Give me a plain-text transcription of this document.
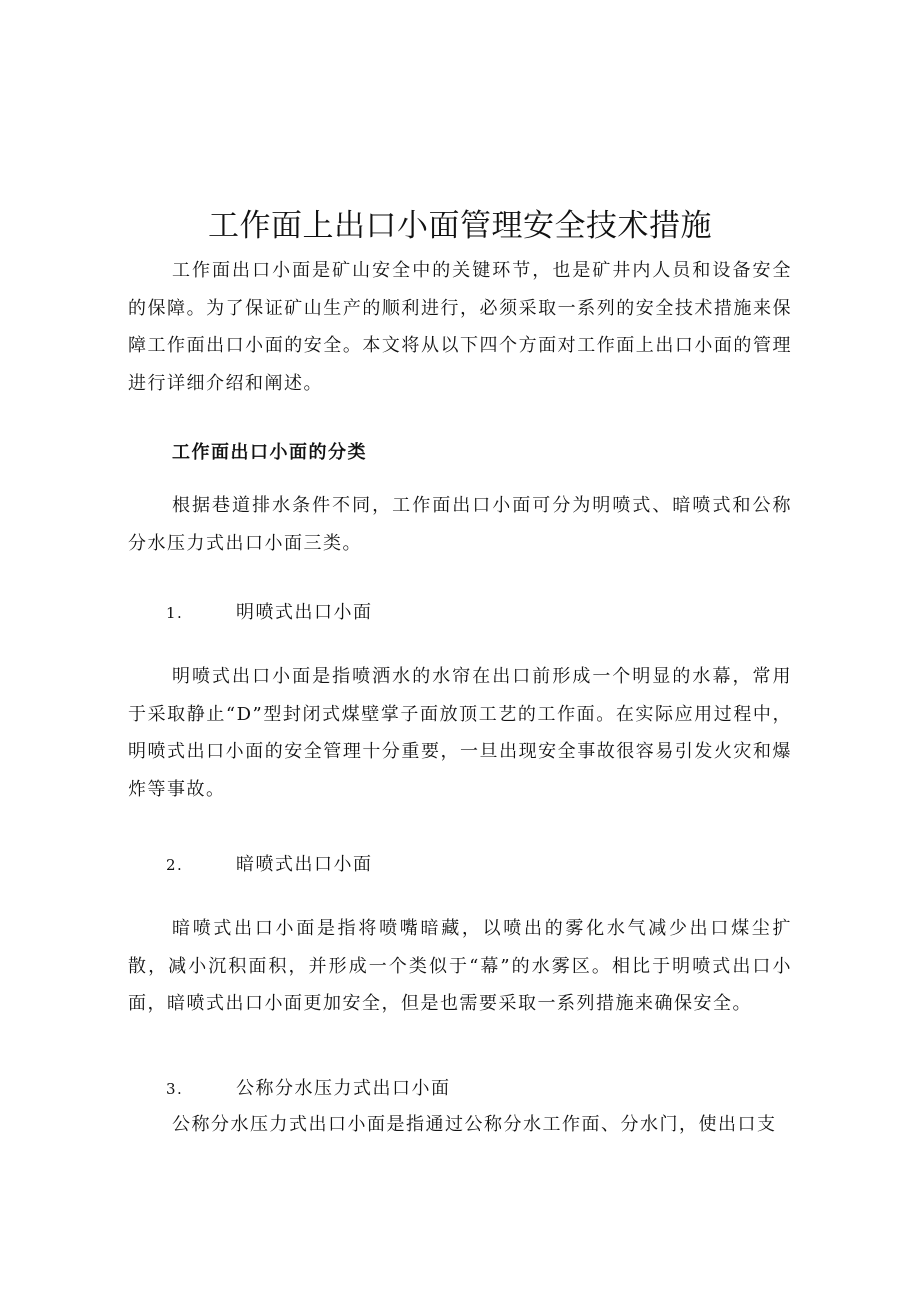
工作面上出口小面管理安全技术措施

工作面出口小面是矿山安全中的关键环节，也是矿井内人员和设备安全的保障。为了保证矿山生产的顺利进行，必须采取一系列的安全技术措施来保障工作面出口小面的安全。本文将从以下四个方面对工作面上出口小面的管理进行详细介绍和阐述。

工作面出口小面的分类

根据巷道排水条件不同，工作面出口小面可分为明喷式、暗喷式和公称分水压力式出口小面三类。

1.	明喷式出口小面

明喷式出口小面是指喷洒水的水帘在出口前形成一个明显的水幕，常用于采取静止“D”型封闭式煤壁掌子面放顶工艺的工作面。在实际应用过程中，明喷式出口小面的安全管理十分重要，一旦出现安全事故很容易引发火灾和爆炸等事故。

2.	暗喷式出口小面

暗喷式出口小面是指将喷嘴暗藏，以喷出的雾化水气减少出口煤尘扩散，减小沉积面积，并形成一个类似于“幕”的水雾区。相比于明喷式出口小面，暗喷式出口小面更加安全，但是也需要采取一系列措施来确保安全。

3.	公称分水压力式出口小面

公称分水压力式出口小面是指通过公称分水工作面、分水门，使出口支
